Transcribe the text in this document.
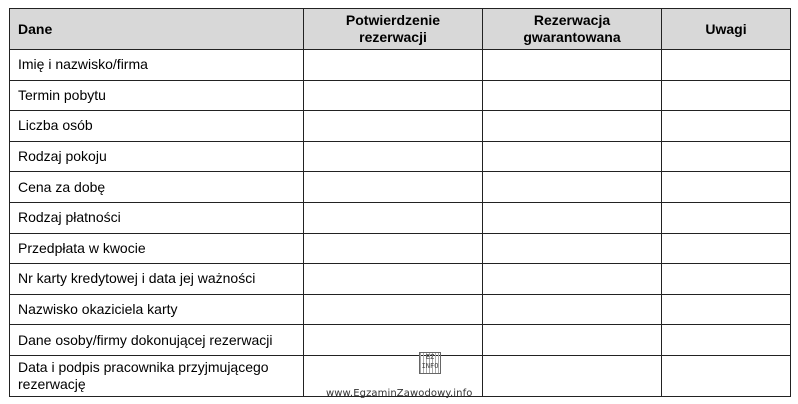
Dane	Potwierdzenie rezerwacji	Rezerwacja gwarantowana	Uwagi
Imię i nazwisko/firma			
Termin pobytu			
Liczba osób			
Rodzaj pokoju			
Cena za dobę			
Rodzaj płatności			
Przedpłata w kwocie			
Nr karty kredytowej i data jej ważności			
Nazwisko okaziciela karty			
Dane osoby/firmy dokonującej rezerwacji			
Data i podpis pracownika przyjmującego rezerwację			
EZ INFO
www.EgzaminZawodowy.info
